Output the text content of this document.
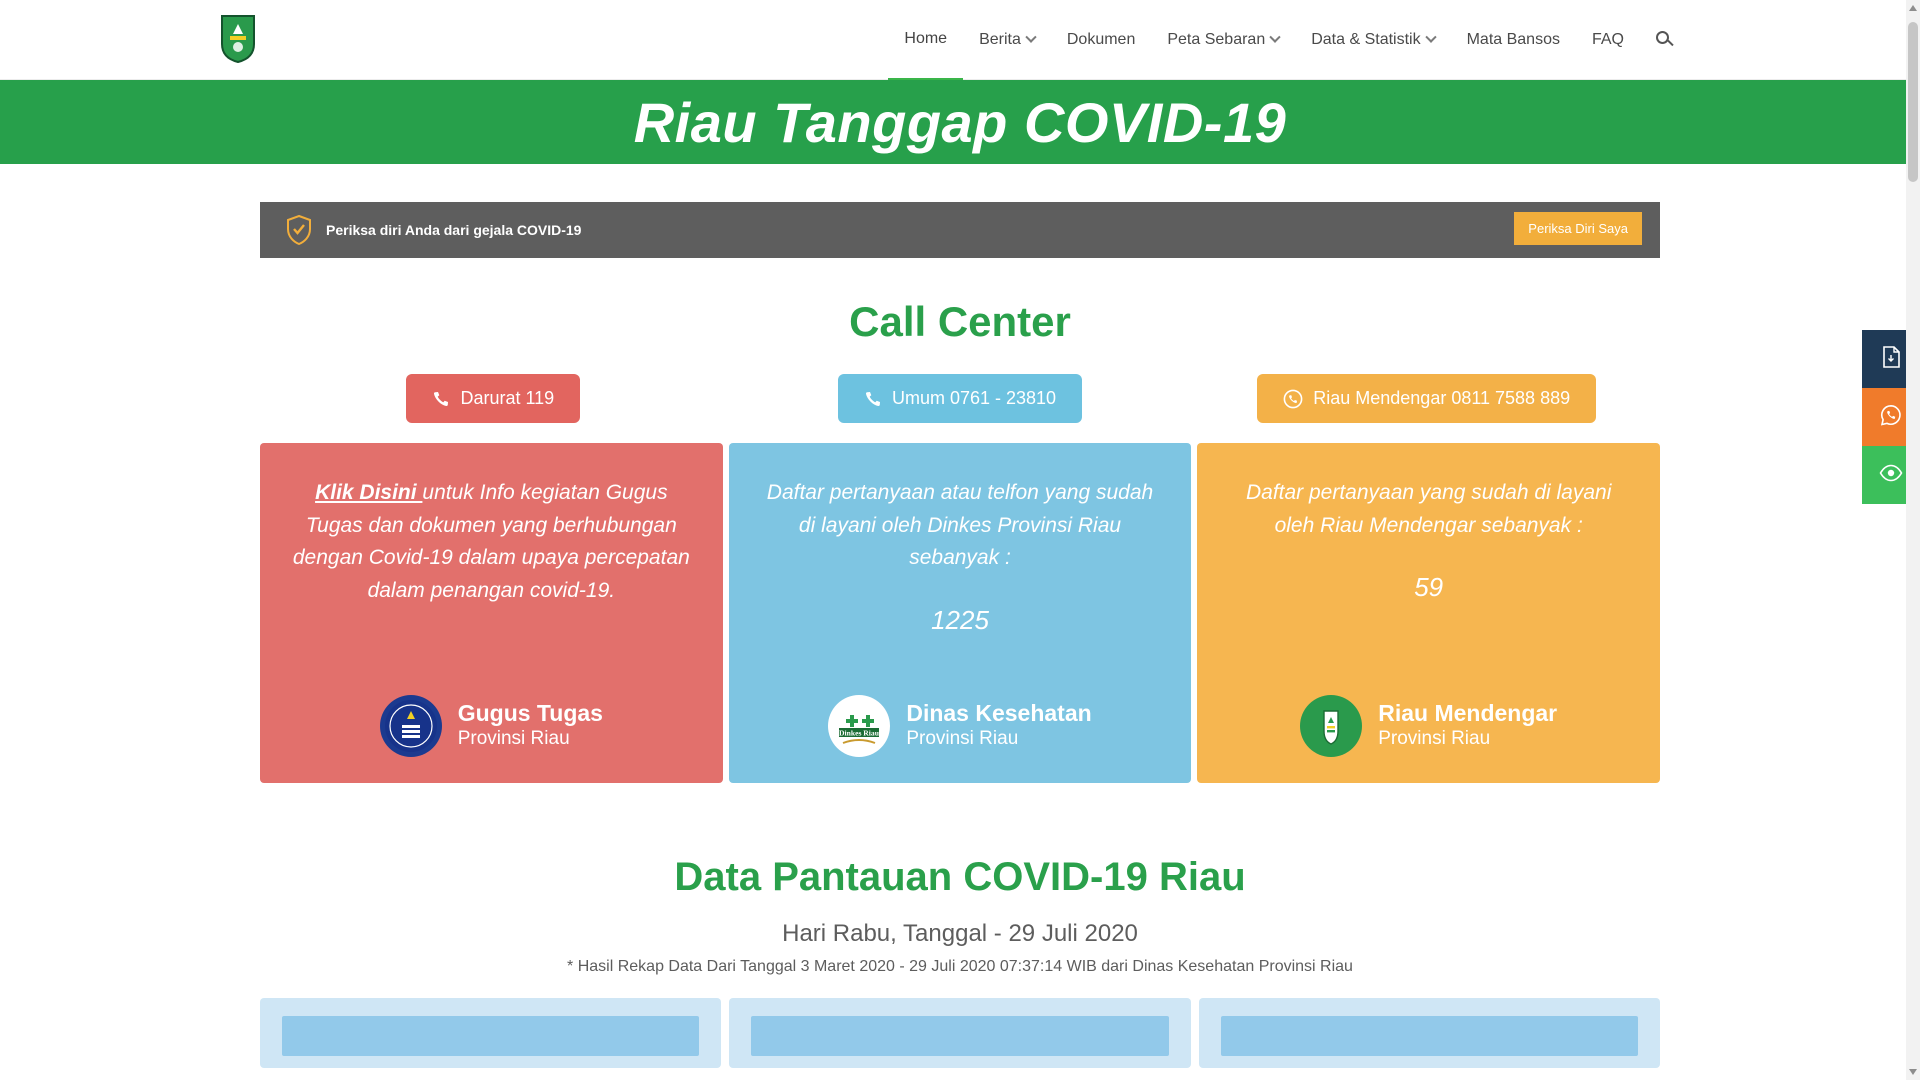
Home Berita	Dokumen Peta Sebaran	Data & Statistik	Mata Bansos FAQ
Riau Tanggap COVID-19
Periksa diri Anda dari gejala COVID-19	Periksa Diri Saya
Call Center
Darurat 119	Umum 0761 - 23810	Riau Mendengar 0811 7588 889
Klik Disini untuk Info kegiatan Gugus Tugas dan dokumen yang berhubungan dengan Covid-19 dalam upaya percepatan dalam penangan covid-19.
Gugus Tugas
Provinsi Riau
Daftar pertanyaan atau telfon yang sudah di layani oleh Dinkes Provinsi Riau sebanyak :
1225
Dinkes Riau
Dinas Kesehatan
Provinsi Riau
Daftar pertanyaan yang sudah di layani oleh Riau Mendengar sebanyak :
59
Riau Mendengar
Provinsi Riau
Data Pantauan COVID-19 Riau
Hari Rabu, Tanggal - 29 Juli 2020
* Hasil Rekap Data Dari Tanggal 3 Maret 2020 - 29 Juli 2020 07:37:14 WIB dari Dinas Kesehatan Provinsi Riau
